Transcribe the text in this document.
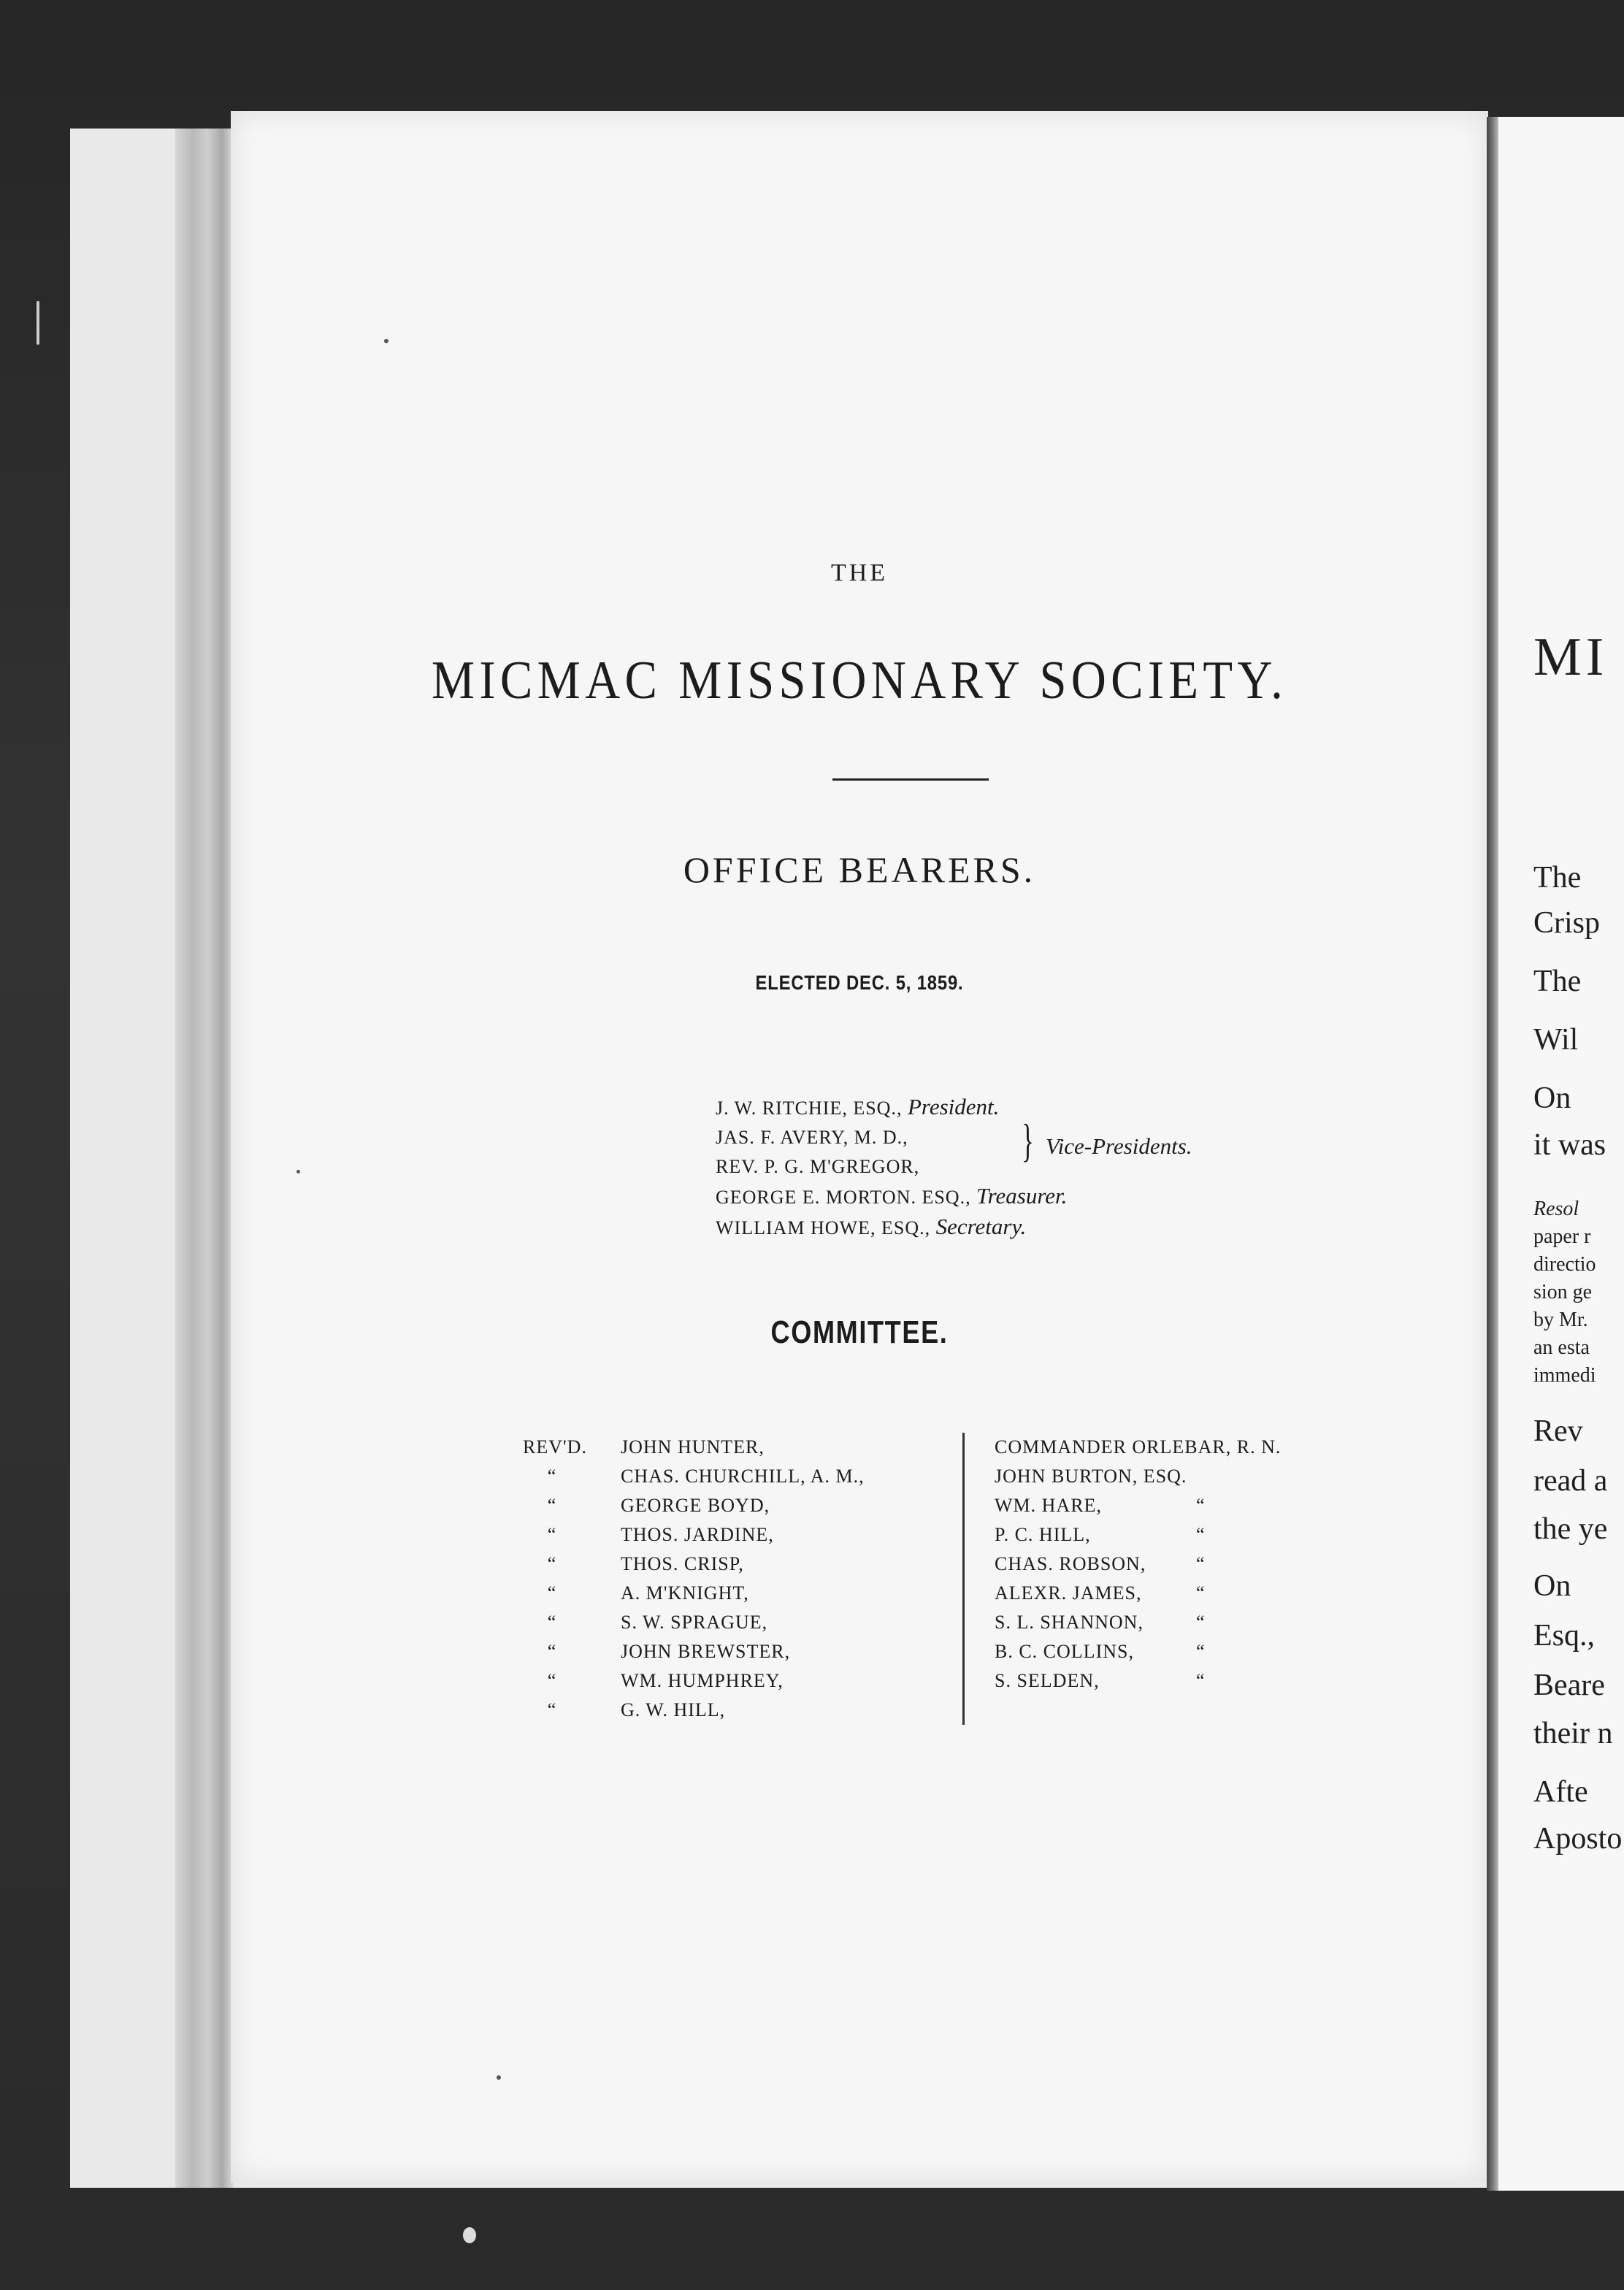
THE
MICMAC MISSIONARY SOCIETY.
OFFICE BEARERS.
ELECTED DEC. 5, 1859.
J. W. RITCHIE, ESQ., President.
JAS. F. AVERY, M. D.,
REV. P. G. M'GREGOR,
GEORGE E. MORTON. ESQ., Treasurer.
WILLIAM HOWE, ESQ., Secretary.
} Vice-Presidents.
COMMITTEE.
REV'D. JOHN HUNTER,
“	CHAS. CHURCHILL, A. M.,
“	GEORGE BOYD,
“	THOS. JARDINE,
“	THOS. CRISP,
“	A. M'KNIGHT,
“	S. W. SPRAGUE,
“	JOHN BREWSTER,
“	WM. HUMPHREY,
“	G. W. HILL,
COMMANDER ORLEBAR, R. N.
JOHN BURTON, ESQ.
WM. HARE,	“
P. C. HILL,	“
CHAS. ROBSON,	“
ALEXR. JAMES,	“
S. L. SHANNON,	“
B. C. COLLINS,	“
S. SELDEN,	“
MI
The
Crisp
The
Wil
On
it was
Resol
paper r
directio
sion ge
by Mr.
an esta
immedi
Rev
read a
the ye
On
Esq.,
Beare
their n
Afte
Aposto
